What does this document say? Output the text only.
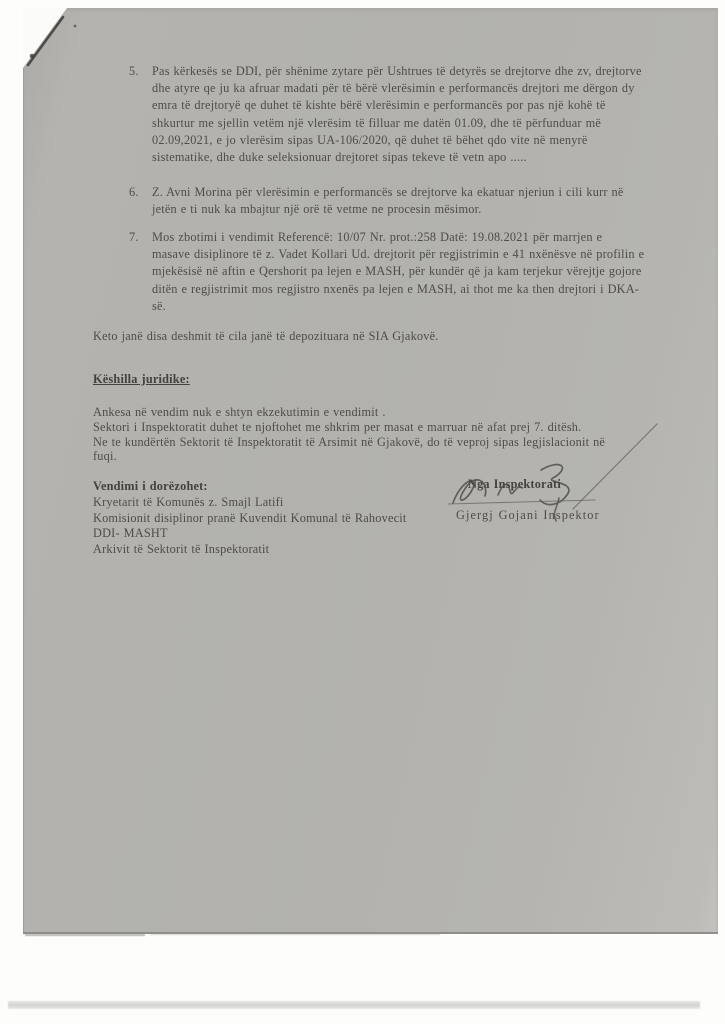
5. Pas kërkesës se DDI, për shënime zytare për Ushtrues të detyrës se drejtorve dhe zv, drejtorve
dhe atyre qe ju ka afruar madati për të bërë vlerësimin e performancës drejtori me dërgon dy
emra të drejtoryë qe duhet të kishte bërë vlerësimin e performancës por pas një kohë të
shkurtur me sjellin vetëm një vlerësim të filluar me datën 01.09, dhe të përfunduar më
02.09,2021, e jo vlerësim sipas UA-106/2020, që duhet të bëhet qdo vite në menyrë
sistematike, dhe duke seleksionuar drejtoret sipas tekeve të vetn apo .....
6. Z. Avni Morina për vlerësimin e performancës se drejtorve ka ekatuar njeriun i cili kurr në
jetën e ti nuk ka mbajtur një orë të vetme ne procesin mësimor.
7. Mos zbotimi i vendimit Referencë: 10/07 Nr. prot.:258 Datë: 19.08.2021 për marrjen e
masave disiplinore të z. Vadet Kollari Ud. drejtorit për regjistrimin e 41 nxënësve në profilin e
mjekësisë në aftin e Qershorit pa lejen e MASH, për kundër që ja kam terjekur vërejtje gojore
ditën e regjistrimit mos regjistro nxenës pa lejen e MASH, ai thot me ka then drejtori i DKA-
së.
Keto janë disa deshmit të cila janë të depozituara në SIA Gjakovë.
Këshilla juridike:
Ankesa në vendim nuk e shtyn ekzekutimin e vendimit .
Sektori i Inspektoratit duhet te njoftohet me shkrim per masat e marruar në afat prej 7. ditësh.
Ne te kundërtën Sektorit të Inspektoratit të Arsimit në Gjakovë, do të veproj sipas legjislacionit në
fuqi.
Vendimi i dorëzohet:
Kryetarit të Komunës z. Smajl Latifi
Komisionit disiplinor pranë Kuvendit Komunal të Rahovecit
DDI- MASHT
Arkivit të Sektorit të Inspektoratit
Nga Inspektorati
Gjergj Gojani Inspektor
